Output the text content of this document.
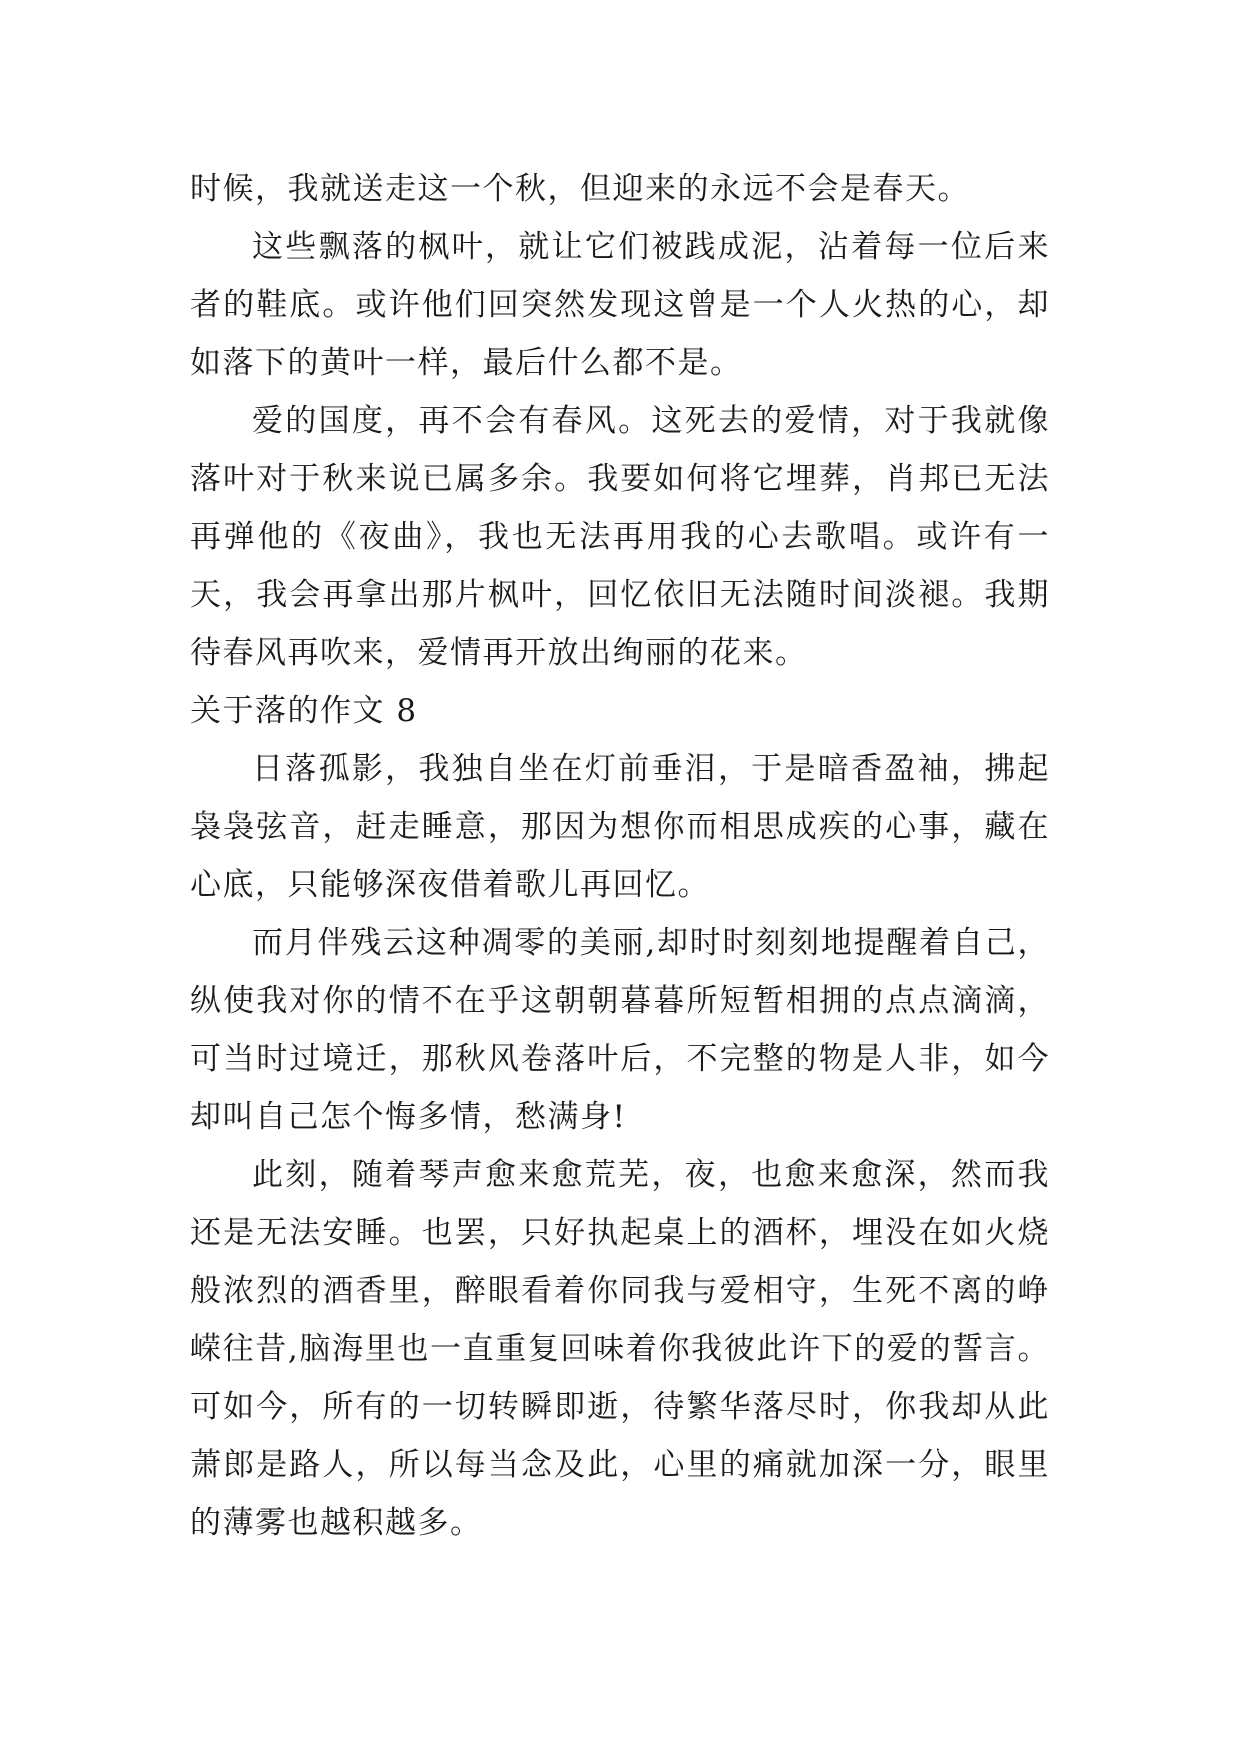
时候，我就送走这一个秋，但迎来的永远不会是春天。

这些飘落的枫叶，就让它们被践成泥，沾着每一位后来者的鞋底。或许他们回突然发现这曾是一个人火热的心，却如落下的黄叶一样，最后什么都不是。

爱的国度，再不会有春风。这死去的爱情，对于我就像落叶对于秋来说已属多余。我要如何将它埋葬，肖邦已无法再弹他的《夜曲》，我也无法再用我的心去歌唱。或许有一天，我会再拿出那片枫叶，回忆依旧无法随时间淡褪。我期待春风再吹来，爱情再开放出绚丽的花来。

关于落的作文 8

日落孤影，我独自坐在灯前垂泪，于是暗香盈袖，拂起袅袅弦音，赶走睡意，那因为想你而相思成疾的心事，藏在心底，只能够深夜借着歌儿再回忆。

而月伴残云这种凋零的美丽,却时时刻刻地提醒着自己，纵使我对你的情不在乎这朝朝暮暮所短暂相拥的点点滴滴，可当时过境迁，那秋风卷落叶后，不完整的物是人非，如今却叫自己怎个悔多情，愁满身!

此刻，随着琴声愈来愈荒芜，夜，也愈来愈深，然而我还是无法安睡。也罢，只好执起桌上的酒杯，埋没在如火烧般浓烈的酒香里，醉眼看着你同我与爱相守，生死不离的峥嵘往昔,脑海里也一直重复回味着你我彼此许下的爱的誓言。可如今，所有的一切转瞬即逝，待繁华落尽时，你我却从此萧郎是路人，所以每当念及此，心里的痛就加深一分，眼里的薄雾也越积越多。
